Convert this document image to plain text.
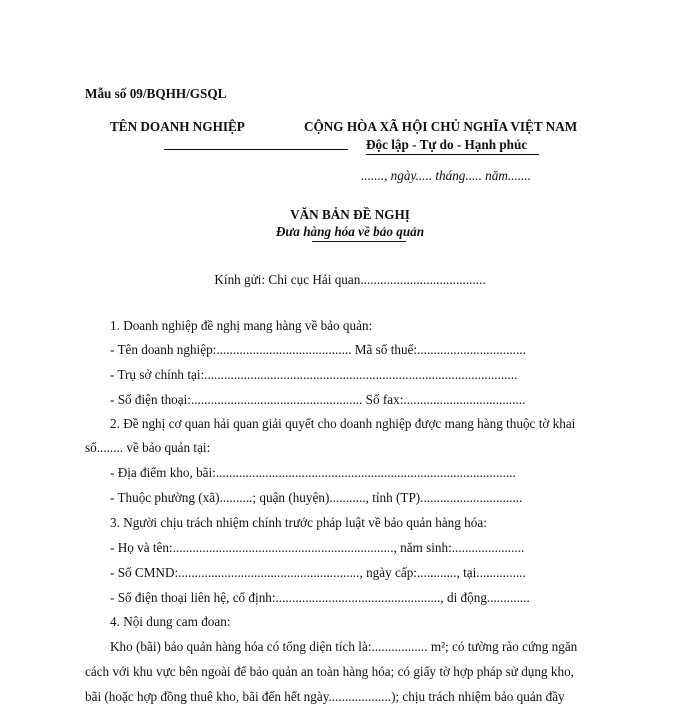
Mẫu số 09/BQHH/GSQL
TÊN DOANH NGHIỆP	CỘNG HÒA XÃ HỘI CHỦ NGHĨA VIỆT NAM
Độc lập - Tự do - Hạnh phúc
......., ngày..... tháng..... năm.......
VĂN BẢN ĐỀ NGHỊ
Đưa hàng hóa về bảo quản
Kính gửi: Chi cục Hải quan......................................
1. Doanh nghiệp đề nghị mang hàng về bảo quản:
- Tên doanh nghiệp:......................................... Mã số thuế:.................................
- Trụ sở chính tại:...............................................................................................
- Số điện thoại:.................................................... Số fax:.....................................
2. Đề nghị cơ quan hải quan giải quyết cho doanh nghiệp được mang hàng thuộc tờ khai
số........ về bảo quản tại:
- Địa điểm kho, bãi:...........................................................................................
- Thuộc phường (xã)..........; quận (huyện)..........., tỉnh (TP)...............................
3. Người chịu trách nhiệm chính trước pháp luật về bảo quản hàng hóa:
- Họ và tên:..................................................................., năm sinh:......................
- Số CMND:......................................................., ngày cấp:............, tại...............
- Số điện thoại liên hệ, cố định:.................................................., di động.............
4. Nội dung cam đoan:
Kho (bãi) bảo quản hàng hóa có tổng diện tích là:................. m²; có tường rào cứng ngăn
cách với khu vực bên ngoài để bảo quản an toàn hàng hóa; có giấy tờ hợp pháp sử dụng kho,
bãi (hoặc hợp đồng thuê kho, bãi đến hết ngày...................); chịu trách nhiệm bảo quản đầy
